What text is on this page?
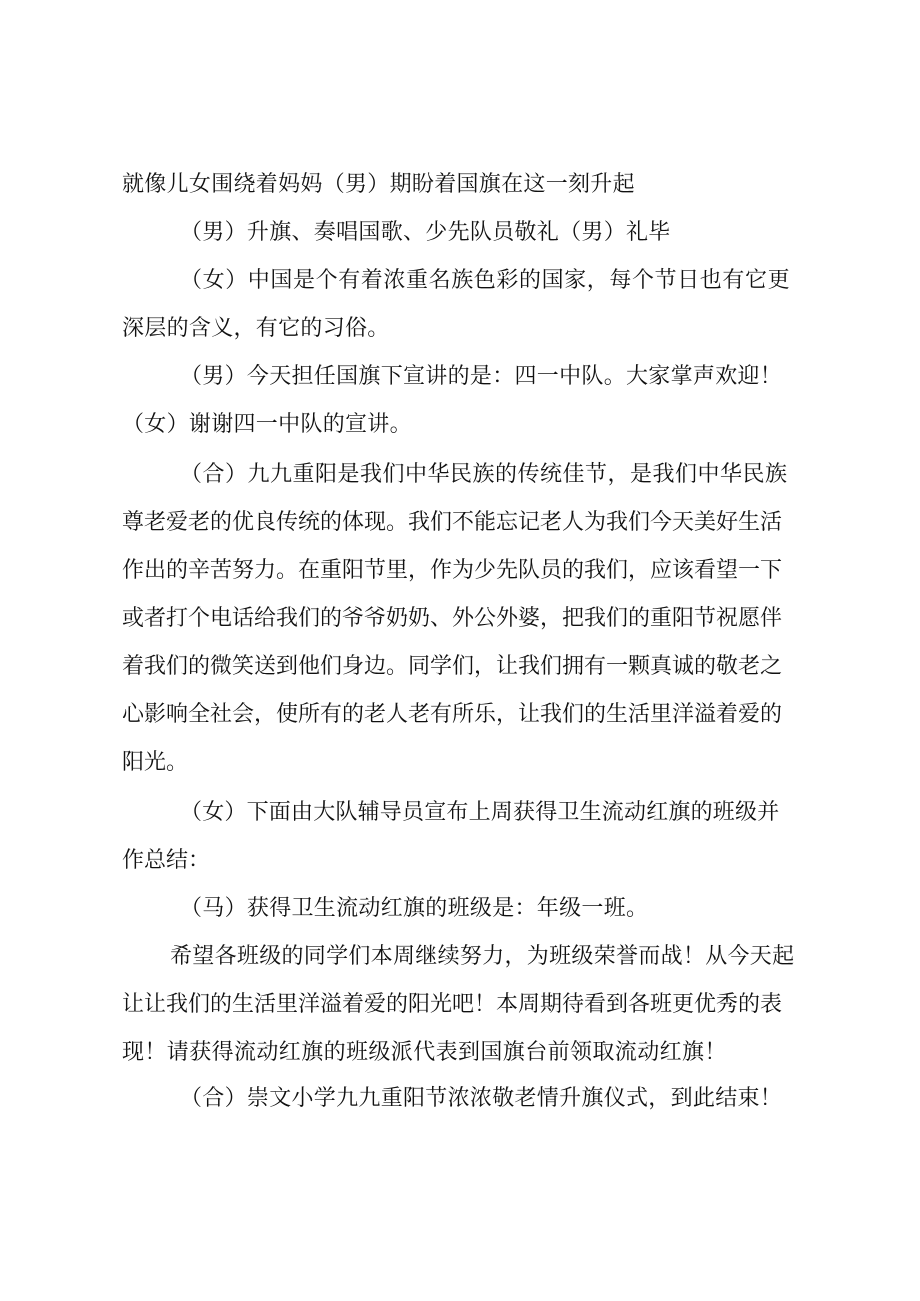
就像儿女围绕着妈妈（男）期盼着国旗在这一刻升起

（男）升旗、奏唱国歌、少先队员敬礼（男）礼毕

（女）中国是个有着浓重名族色彩的国家，每个节日也有它更

深层的含义，有它的习俗。

（男）今天担任国旗下宣讲的是：四一中队。大家掌声欢迎！

（女）谢谢四一中队的宣讲。

（合）九九重阳是我们中华民族的传统佳节，是我们中华民族

尊老爱老的优良传统的体现。我们不能忘记老人为我们今天美好生活

作出的辛苦努力。在重阳节里，作为少先队员的我们，应该看望一下

或者打个电话给我们的爷爷奶奶、外公外婆，把我们的重阳节祝愿伴

着我们的微笑送到他们身边。同学们，让我们拥有一颗真诚的敬老之

心影响全社会，使所有的老人老有所乐，让我们的生活里洋溢着爱的

阳光。

（女）下面由大队辅导员宣布上周获得卫生流动红旗的班级并

作总结：

（马）获得卫生流动红旗的班级是：年级一班。

希望各班级的同学们本周继续努力，为班级荣誉而战！从今天起

让让我们的生活里洋溢着爱的阳光吧！本周期待看到各班更优秀的表

现！请获得流动红旗的班级派代表到国旗台前领取流动红旗！

（合）崇文小学九九重阳节浓浓敬老情升旗仪式，到此结束！
